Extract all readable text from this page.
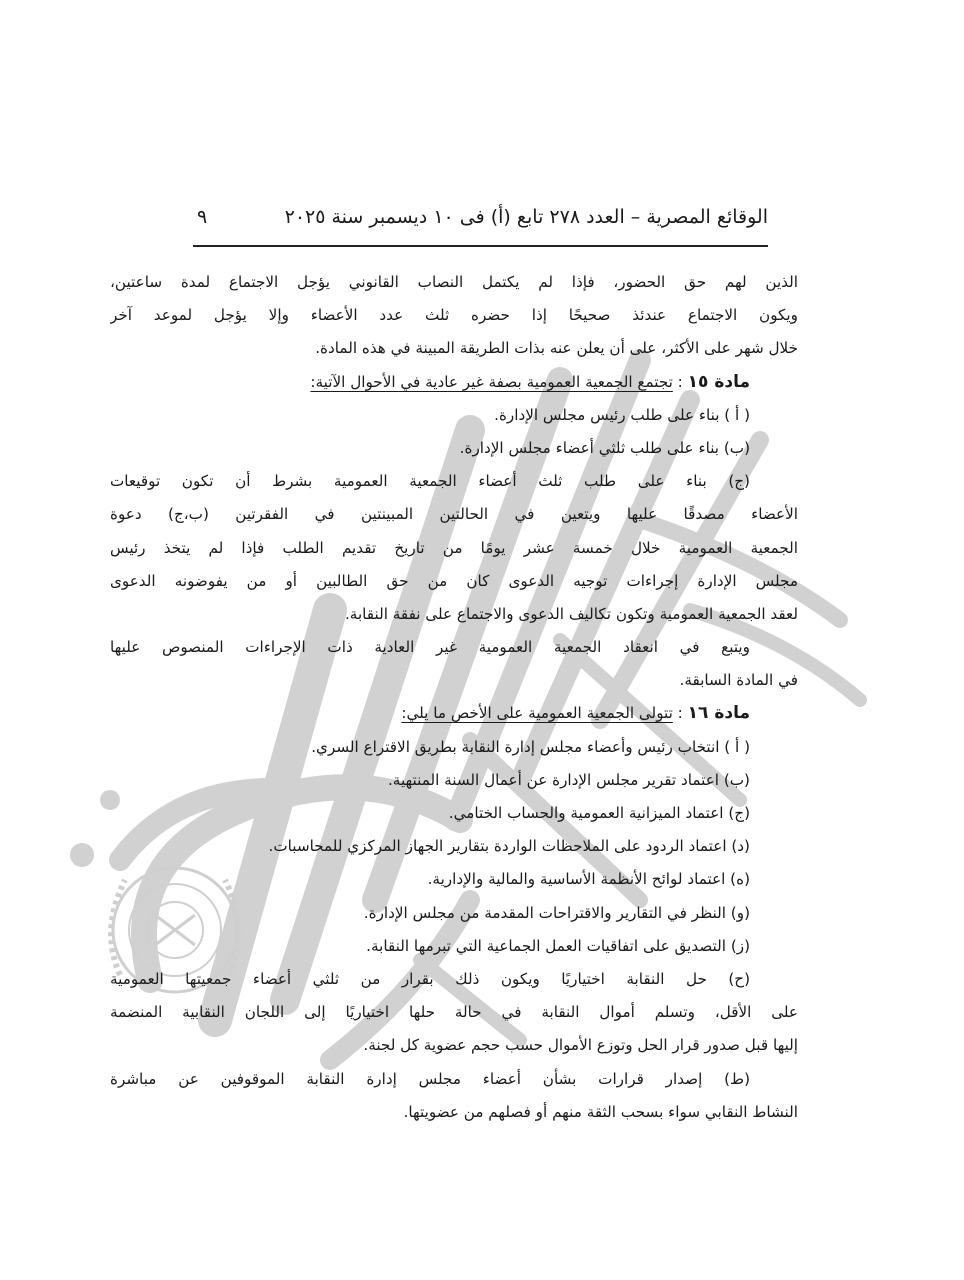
الوقائع المصرية – العدد ٢٧٨ تابع (أ) فى ١٠ ديسمبر سنة ٢٠٢٥
٩
الذين لهم حق الحضور، فإذا لم يكتمل النصاب القانوني يؤجل الاجتماع لمدة ساعتين،
ويكون الاجتماع عندئذ صحيحًا إذا حضره ثلث عدد الأعضاء وإلا يؤجل لموعد آخر
خلال شهر على الأكثر، على أن يعلن عنه بذات الطريقة المبينة في هذه المادة.
مادة ١٥ : تجتمع الجمعية العمومية بصفة غير عادية في الأحوال الآتية:
( أ ) بناء على طلب رئيس مجلس الإدارة.
(ب) بناء على طلب ثلثي أعضاء مجلس الإدارة.
(ج) بناء على طلب ثلث أعضاء الجمعية العمومية بشرط أن تكون توقيعات
الأعضاء مصدقًا عليها ويتعين في الحالتين المبينتين في الفقرتين (ب،ج) دعوة
الجمعية العمومية خلال خمسة عشر يومًا من تاريخ تقديم الطلب فإذا لم يتخذ رئيس
مجلس الإدارة إجراءات توجيه الدعوى كان من حق الطالبين أو من يفوضونه الدعوى
لعقد الجمعية العمومية وتكون تكاليف الدعوى والاجتماع على نفقة النقابة.
ويتبع في انعقاد الجمعية العمومية غير العادية ذات الإجراءات المنصوص عليها
في المادة السابقة.
مادة ١٦ : تتولى الجمعية العمومية على الأخص ما يلي:
( أ ) انتخاب رئيس وأعضاء مجلس إدارة النقابة بطريق الاقتراع السري.
(ب) اعتماد تقرير مجلس الإدارة عن أعمال السنة المنتهية.
(ج) اعتماد الميزانية العمومية والحساب الختامي.
(د) اعتماد الردود على الملاحظات الواردة بتقارير الجهاز المركزي للمحاسبات.
(ه) اعتماد لوائح الأنظمة الأساسية والمالية والإدارية.
(و) النظر في التقارير والاقتراحات المقدمة من مجلس الإدارة.
(ز) التصديق على اتفاقيات العمل الجماعية التي تبرمها النقابة.
(ح) حل النقابة اختياريًا ويكون ذلك بقرار من ثلثي أعضاء جمعيتها العمومية
على الأقل، وتسلم أموال النقابة في حالة حلها اختياريًا إلى اللجان النقابية المنضمة
إليها قبل صدور قرار الحل وتوزع الأموال حسب حجم عضوية كل لجنة.
(ط) إصدار قرارات بشأن أعضاء مجلس إدارة النقابة الموقوفين عن مباشرة
النشاط النقابي سواء بسحب الثقة منهم أو فصلهم من عضويتها.
